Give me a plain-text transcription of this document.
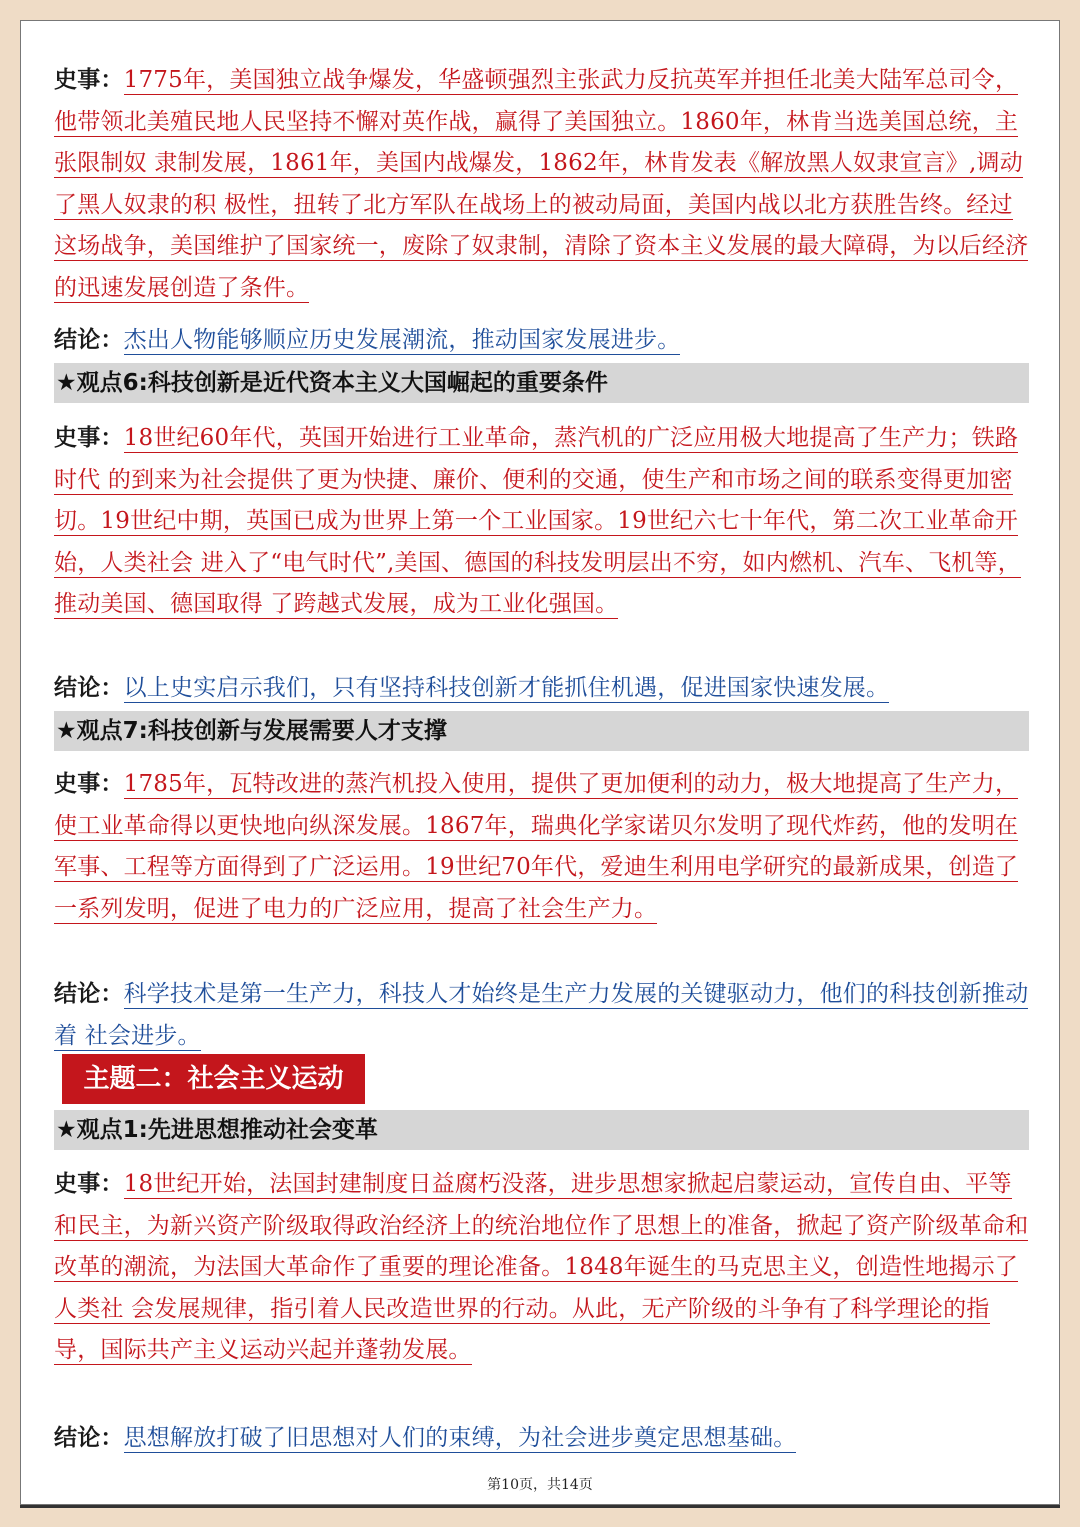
史事：1775年，美国独立战争爆发，华盛顿强烈主张武力反抗英军并担任北美大陆军总司令，他带领北美殖民地人民坚持不懈对英作战，赢得了美国独立。1860年，林肯当选美国总统，主张限制奴 隶制发展，1861年，美国内战爆发，1862年，林肯发表《解放黑人奴隶宣言》,调动了黑人奴隶的积 极性，扭转了北方军队在战场上的被动局面，美国内战以北方获胜告终。经过这场战争，美国维护了国家统一，废除了奴隶制，清除了资本主义发展的最大障碍，为以后经济的迅速发展创造了条件。

结论：杰出人物能够顺应历史发展潮流，推动国家发展进步。

★观点6:科技创新是近代资本主义大国崛起的重要条件

史事：18世纪60年代，英国开始进行工业革命，蒸汽机的广泛应用极大地提高了生产力；铁路时代 的到来为社会提供了更为快捷、廉价、便利的交通，使生产和市场之间的联系变得更加密切。19世纪中期，英国已成为世界上第一个工业国家。19世纪六七十年代，第二次工业革命开始，人类社会 进入了“电气时代”,美国、德国的科技发明层出不穷，如内燃机、汽车、飞机等，推动美国、德国取得 了跨越式发展，成为工业化强国。

结论：以上史实启示我们，只有坚持科技创新才能抓住机遇，促进国家快速发展。

★观点7:科技创新与发展需要人才支撑

史事：1785年，瓦特改进的蒸汽机投入使用，提供了更加便利的动力，极大地提高了生产力，使工业革命得以更快地向纵深发展。1867年，瑞典化学家诺贝尔发明了现代炸药，他的发明在军事、工程等方面得到了广泛运用。19世纪70年代，爱迪生利用电学研究的最新成果，创造了一系列发明，促进了电力的广泛应用，提高了社会生产力。

结论：科学技术是第一生产力，科技人才始终是生产力发展的关键驱动力，他们的科技创新推动着 社会进步。

主题二：社会主义运动
★观点1:先进思想推动社会变革

史事：18世纪开始，法国封建制度日益腐朽没落，进步思想家掀起启蒙运动，宣传自由、平等和民主，为新兴资产阶级取得政治经济上的统治地位作了思想上的准备，掀起了资产阶级革命和改革的潮流，为法国大革命作了重要的理论准备。1848年诞生的马克思主义，创造性地揭示了人类社 会发展规律，指引着人民改造世界的行动。从此，无产阶级的斗争有了科学理论的指导，国际共产主义运动兴起并蓬勃发展。

结论：思想解放打破了旧思想对人们的束缚，为社会进步奠定思想基础。

第10页，共14页
